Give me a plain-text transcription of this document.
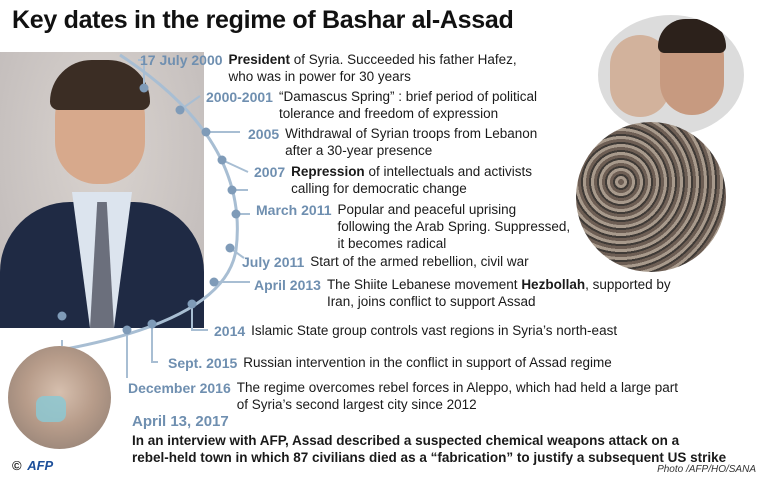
Key dates in the regime of Bashar al-Assad
17 July 2000 President of Syria. Succeeded his father Hafez,
who was in power for 30 years
2000-2001 “Damascus Spring” : brief period of political
tolerance and freedom of expression
2005 Withdrawal of Syrian troops from Lebanon
after a 30-year presence
2007 Repression of intellectuals and activists
calling for democratic change
March 2011 Popular and peaceful uprising
following the Arab Spring. Suppressed,
it becomes radical
July 2011 Start of the armed rebellion, civil war
April 2013 The Shiite Lebanese movement Hezbollah, supported by
Iran, joins conflict to support Assad
2014 Islamic State group controls vast regions in Syria’s north-east
Sept. 2015 Russian intervention in the conflict in support of Assad regime
December 2016 The regime overcomes rebel forces in Aleppo, which had held a large part
of Syria’s second largest city since 2012
April 13, 2017
In an interview with AFP, Assad described a suspected chemical weapons attack on a
rebel-held town in which 87 civilians died as a “fabrication” to justify a subsequent US strike
© AFP	Photo /AFP/HO/SANA
